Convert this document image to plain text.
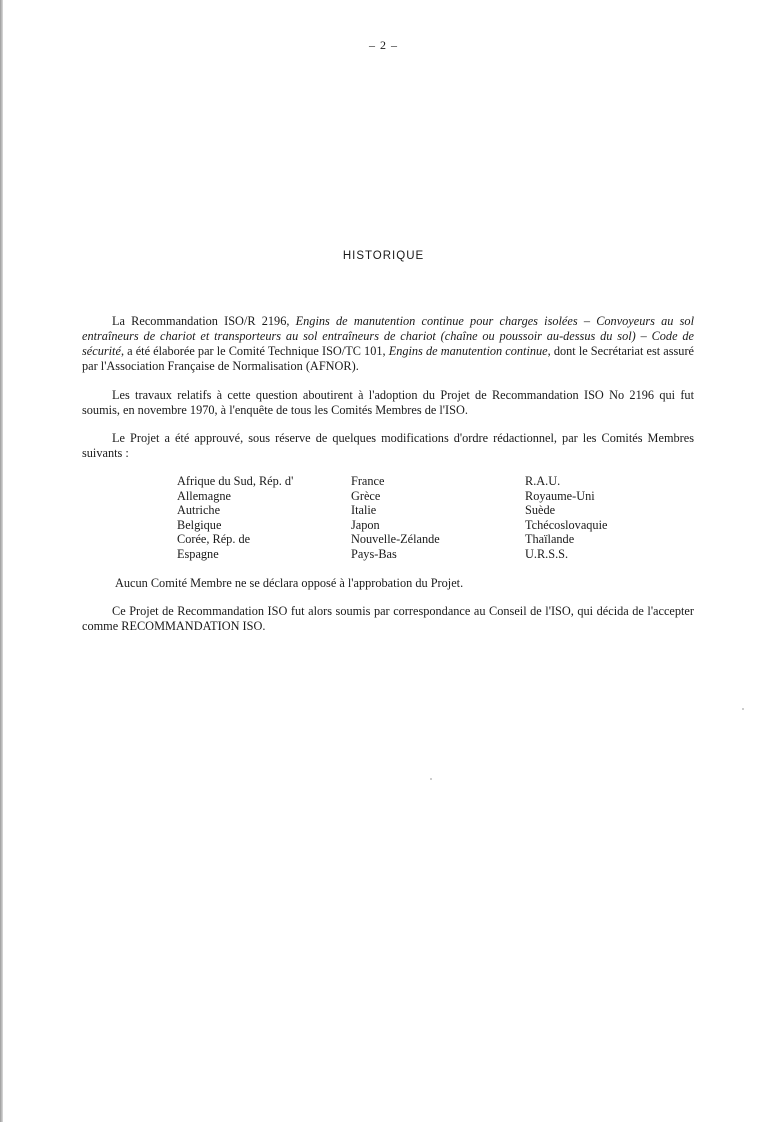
– 2 –
HISTORIQUE
La Recommandation ISO/R 2196, Engins de manutention continue pour charges isolées – Convoyeurs au sol entraîneurs de chariot et transporteurs au sol entraîneurs de chariot (chaîne ou poussoir au-dessus du sol) – Code de sécurité, a été élaborée par le Comité Technique ISO/TC 101, Engins de manutention continue, dont le Secrétariat est assuré par l'Association Française de Normalisation (AFNOR).
Les travaux relatifs à cette question aboutirent à l'adoption du Projet de Recommandation ISO No 2196 qui fut soumis, en novembre 1970, à l'enquête de tous les Comités Membres de l'ISO.
Le Projet a été approuvé, sous réserve de quelques modifications d'ordre rédactionnel, par les Comités Membres suivants :
Afrique du Sud, Rép. d'
Allemagne
Autriche
Belgique
Corée, Rép. de
Espagne
France
Grèce
Italie
Japon
Nouvelle-Zélande
Pays-Bas
R.A.U.
Royaume-Uni
Suède
Tchécoslovaquie
Thaïlande
U.R.S.S.
Aucun Comité Membre ne se déclara opposé à l'approbation du Projet.
Ce Projet de Recommandation ISO fut alors soumis par correspondance au Conseil de l'ISO, qui décida de l'accepter comme RECOMMANDATION ISO.
